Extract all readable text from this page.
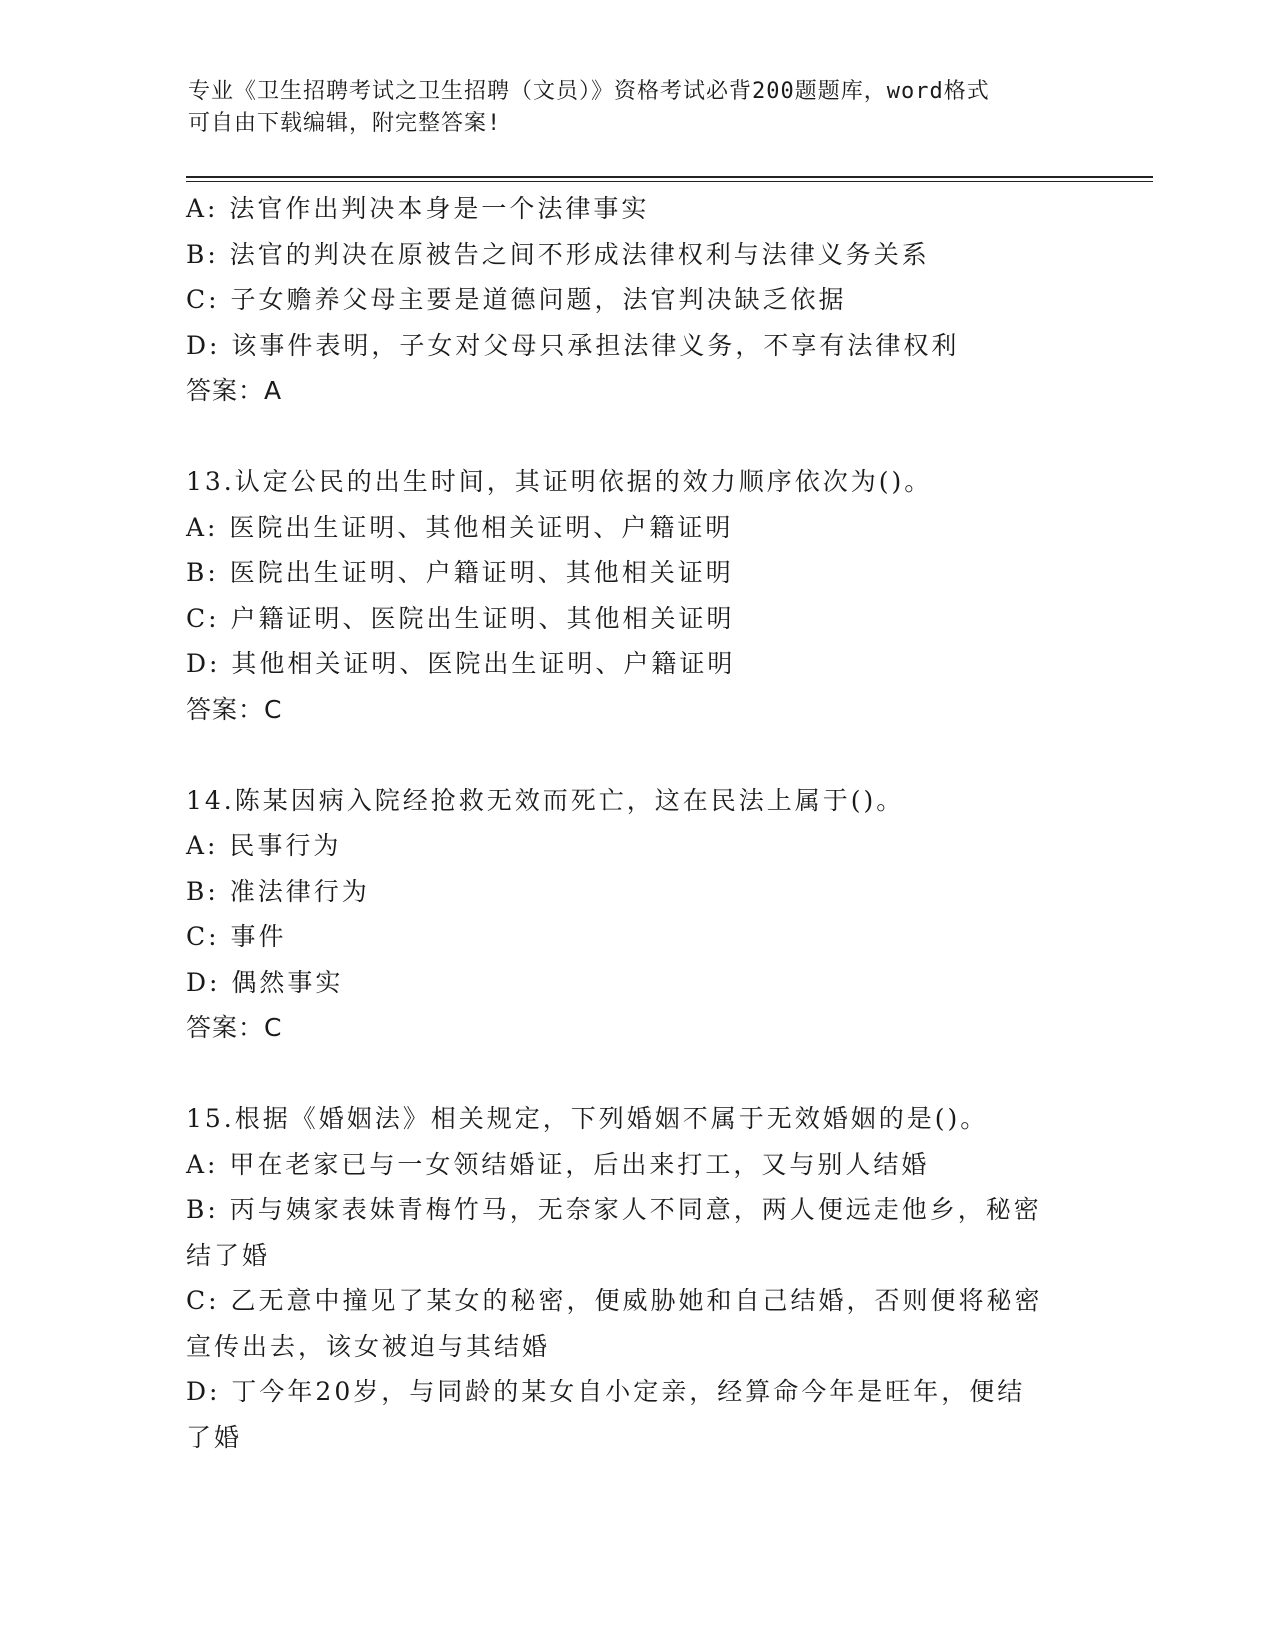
专业《卫生招聘考试之卫生招聘（文员）》资格考试必背200题题库，word格式
可自由下载编辑，附完整答案!

A: 法官作出判决本身是一个法律事实

B: 法官的判决在原被告之间不形成法律权利与法律义务关系

C: 子女赡养父母主要是道德问题，法官判决缺乏依据

D: 该事件表明，子女对父母只承担法律义务，不享有法律权利

答案：A

13.认定公民的出生时间，其证明依据的效力顺序依次为()。

A: 医院出生证明、其他相关证明、户籍证明

B: 医院出生证明、户籍证明、其他相关证明

C: 户籍证明、医院出生证明、其他相关证明

D: 其他相关证明、医院出生证明、户籍证明

答案：C

14.陈某因病入院经抢救无效而死亡，这在民法上属于()。

A: 民事行为

B: 准法律行为

C: 事件

D: 偶然事实

答案：C

15.根据《婚姻法》相关规定，下列婚姻不属于无效婚姻的是()。

A: 甲在老家已与一女领结婚证，后出来打工，又与别人结婚

B: 丙与姨家表妹青梅竹马，无奈家人不同意，两人便远走他乡，秘密

结了婚

C: 乙无意中撞见了某女的秘密，便威胁她和自己结婚，否则便将秘密

宣传出去，该女被迫与其结婚

D: 丁今年20岁，与同龄的某女自小定亲，经算命今年是旺年，便结

了婚
